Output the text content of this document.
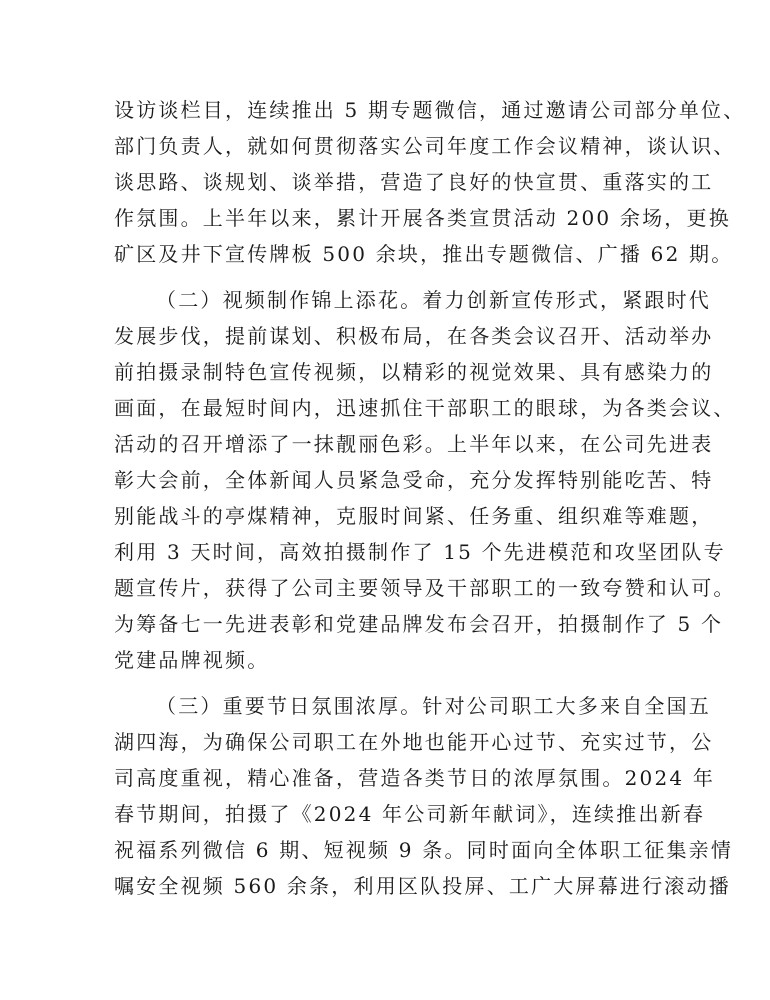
设访谈栏目，连续推出 5 期专题微信，通过邀请公司部分单位、
部门负责人，就如何贯彻落实公司年度工作会议精神，谈认识、
谈思路、谈规划、谈举措，营造了良好的快宣贯、重落实的工
作氛围。上半年以来，累计开展各类宣贯活动 200 余场，更换
矿区及井下宣传牌板 500 余块，推出专题微信、广播 62 期。
（二）视频制作锦上添花。着力创新宣传形式，紧跟时代
发展步伐，提前谋划、积极布局，在各类会议召开、活动举办
前拍摄录制特色宣传视频，以精彩的视觉效果、具有感染力的
画面，在最短时间内，迅速抓住干部职工的眼球，为各类会议、
活动的召开增添了一抹靓丽色彩。上半年以来，在公司先进表
彰大会前，全体新闻人员紧急受命，充分发挥特别能吃苦、特
别能战斗的亭煤精神，克服时间紧、任务重、组织难等难题，
利用 3 天时间，高效拍摄制作了 15 个先进模范和攻坚团队专
题宣传片，获得了公司主要领导及干部职工的一致夸赞和认可。
为筹备七一先进表彰和党建品牌发布会召开，拍摄制作了 5 个
党建品牌视频。
（三）重要节日氛围浓厚。针对公司职工大多来自全国五
湖四海，为确保公司职工在外地也能开心过节、充实过节，公
司高度重视，精心准备，营造各类节日的浓厚氛围。2024 年
春节期间，拍摄了《2024 年公司新年献词》，连续推出新春
祝福系列微信 6 期、短视频 9 条。同时面向全体职工征集亲情
嘱安全视频 560 余条，利用区队投屏、工广大屏幕进行滚动播
